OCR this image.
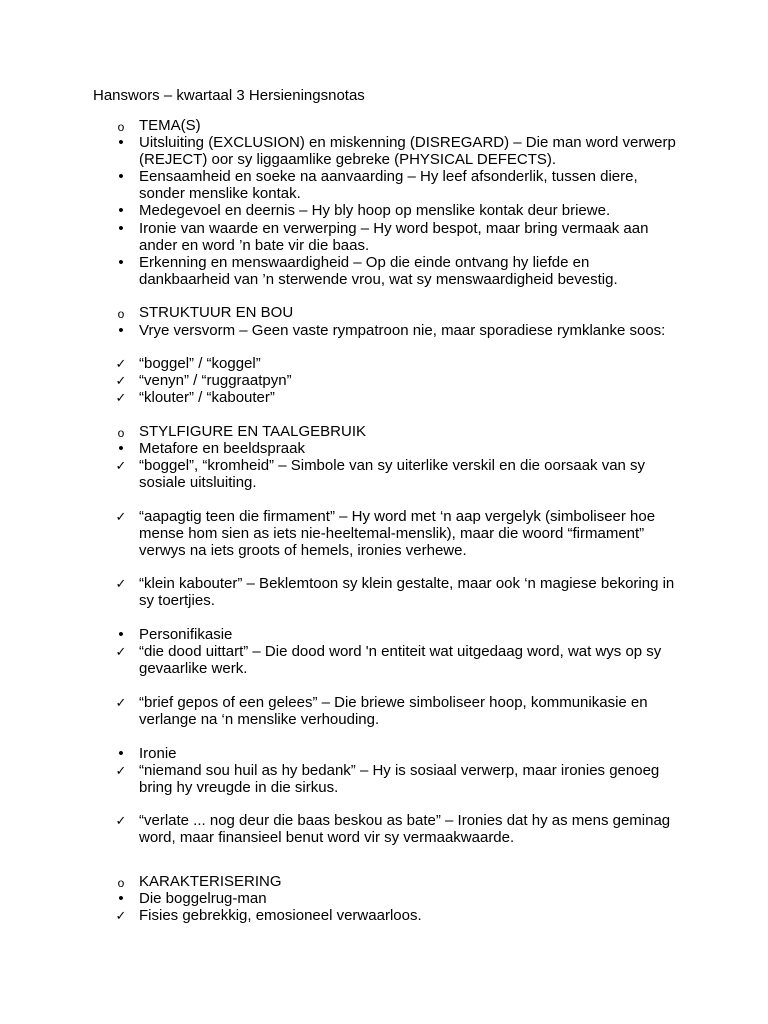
Hanswors – kwartaal 3 Hersieningsnotas
o TEMA(S)
•	Uitsluiting (EXCLUSION) en miskenning (DISREGARD) – Die man word verwerp (REJECT) oor sy liggaamlike gebreke (PHYSICAL DEFECTS).
•	Eensaamheid en soeke na aanvaarding – Hy leef afsonderlik, tussen diere, sonder menslike kontak.
•	Medegevoel en deernis – Hy bly hoop op menslike kontak deur briewe.
•	Ironie van waarde en verwerping – Hy word bespot, maar bring vermaak aan ander en word ’n bate vir die baas.
•	Erkenning en menswaardigheid – Op die einde ontvang hy liefde en dankbaarheid van ’n sterwende vrou, wat sy menswaardigheid bevestig.
o STRUKTUUR EN BOU
•	Vrye versvorm – Geen vaste rympatroon nie, maar sporadiese rymklanke soos:
✓ “boggel” / “koggel”
✓ “venyn” / “ruggraatpyn”
✓ “klouter” / “kabouter”
o STYLFIGURE EN TAALGEBRUIK
•	Metafore en beeldspraak
✓ “boggel”, “kromheid” – Simbole van sy uiterlike verskil en die oorsaak van sy sosiale uitsluiting.
✓ “aapagtig teen die firmament” – Hy word met ‘n aap vergelyk (simboliseer hoe mense hom sien as iets nie-heeltemal-menslik), maar die woord “firmament” verwys na iets groots of hemels, ironies verhewe.
✓ “klein kabouter” – Beklemtoon sy klein gestalte, maar ook ‘n magiese bekoring in sy toertjies.
•	Personifikasie
✓ “die dood uittart” – Die dood word 'n entiteit wat uitgedaag word, wat wys op sy gevaarlike werk.
✓ “brief gepos of een gelees” – Die briewe simboliseer hoop, kommunikasie en verlange na ‘n menslike verhouding.
•	Ironie
✓ “niemand sou huil as hy bedank” – Hy is sosiaal verwerp, maar ironies genoeg bring hy vreugde in die sirkus.
✓ “verlate ... nog deur die baas beskou as bate” – Ironies dat hy as mens geminag word, maar finansieel benut word vir sy vermaakwaarde.
o KARAKTERISERING
•	Die boggelrug-man
✓ Fisies gebrekkig, emosioneel verwaarloos.
